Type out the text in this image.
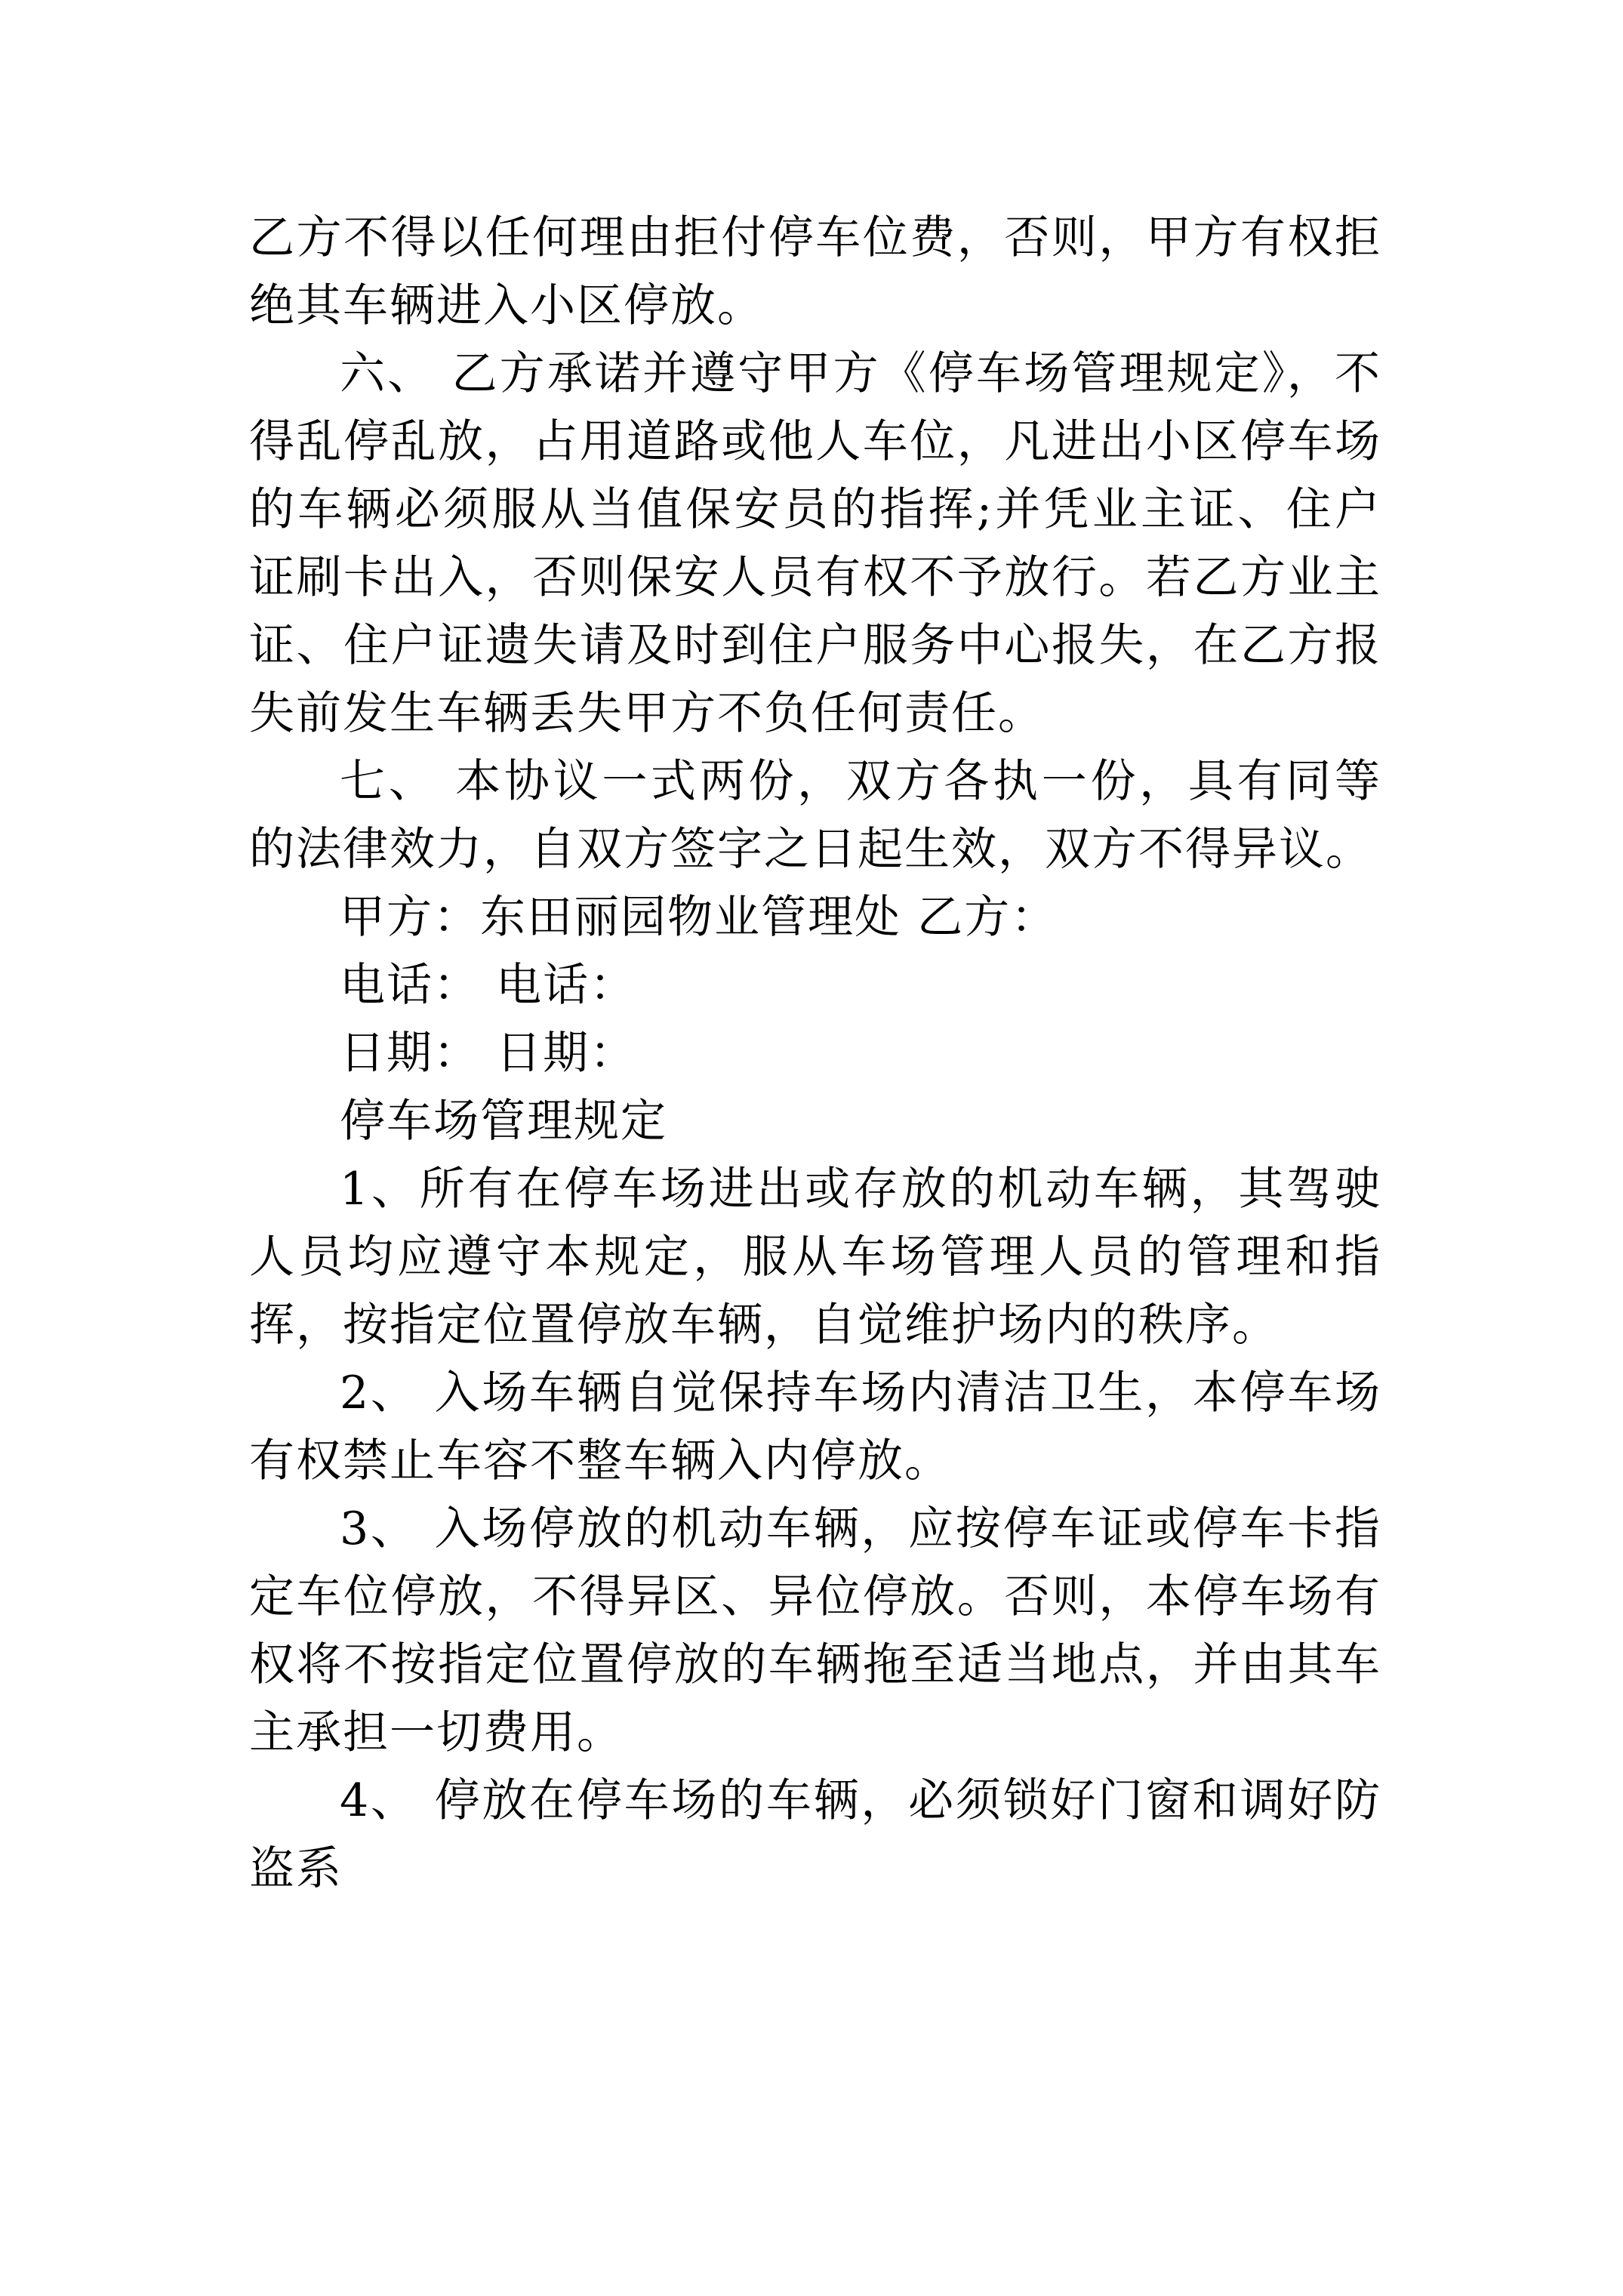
乙方不得以任何理由拒付停车位费，否则，甲方有权拒绝其车辆进入小区停放。

六、 乙方承诺并遵守甲方《停车场管理规定》，不得乱停乱放，占用道路或他人车位，凡进出小区停车场的车辆必须服从当值保安员的指挥;并凭业主证、住户证刷卡出入，否则保安人员有权不予放行。若乙方业主证、住户证遗失请及时到住户服务中心报失，在乙方报失前发生车辆丢失甲方不负任何责任。

七、 本协议一式两份，双方各执一份，具有同等的法律效力，自双方签字之日起生效，双方不得异议。

甲方：东田丽园物业管理处 乙方：

电话： 电话：

日期： 日期：

停车场管理规定

1、所有在停车场进出或存放的机动车辆，其驾驶人员均应遵守本规定，服从车场管理人员的管理和指挥，按指定位置停放车辆，自觉维护场内的秩序。

2、 入场车辆自觉保持车场内清洁卫生，本停车场有权禁止车容不整车辆入内停放。

3、 入场停放的机动车辆，应按停车证或停车卡指定车位停放，不得异区、异位停放。否则，本停车场有权将不按指定位置停放的车辆拖至适当地点，并由其车主承担一切费用。

4、 停放在停车场的车辆，必须锁好门窗和调好防盗系
